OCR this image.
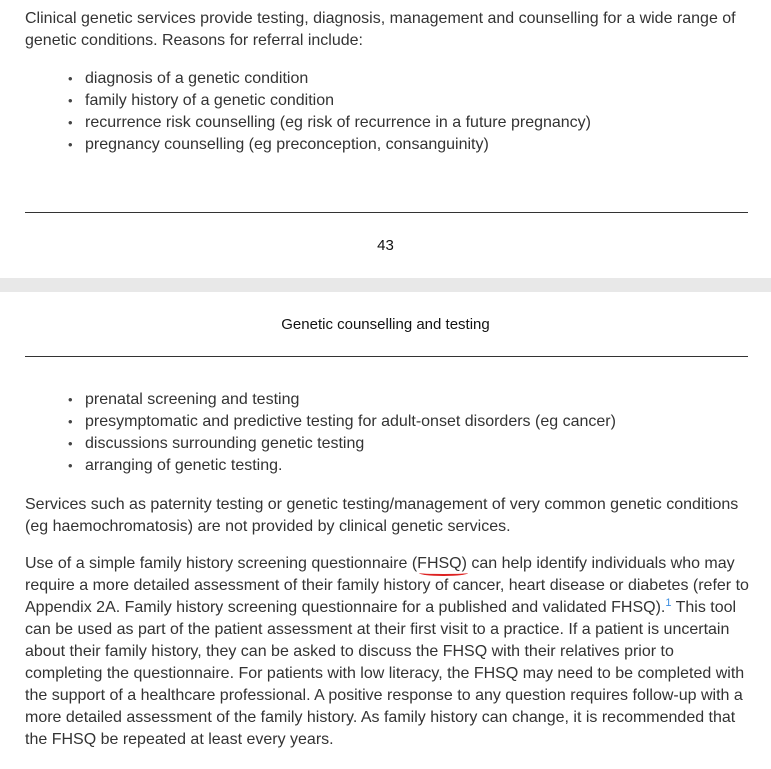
Clinical genetic services provide testing, diagnosis, management and counselling for a wide range of genetic conditions. Reasons for referral include:

• diagnosis of a genetic condition
• family history of a genetic condition
• recurrence risk counselling (eg risk of recurrence in a future pregnancy)
• pregnancy counselling (eg preconception, consanguinity)
43
Genetic counselling and testing
• prenatal screening and testing
• presymptomatic and predictive testing for adult-onset disorders (eg cancer)
• discussions surrounding genetic testing
• arranging of genetic testing.

Services such as paternity testing or genetic testing/management of very common genetic conditions (eg haemochromatosis) are not provided by clinical genetic services.

Use of a simple family history screening questionnaire (FHSQ) can help identify individuals who may require a more detailed assessment of their family history of cancer, heart disease or diabetes (refer to Appendix 2A. Family history screening questionnaire for a published and validated FHSQ).$^1$ This tool can be used as part of the patient assessment at their first visit to a practice. If a patient is uncertain about their family history, they can be asked to discuss the FHSQ with their relatives prior to completing the questionnaire. For patients with low literacy, the FHSQ may need to be completed with the support of a healthcare professional. A positive response to any question requires follow-up with a more detailed assessment of the family history. As family history can change, it is recommended that the FHSQ be repeated at least every years.
